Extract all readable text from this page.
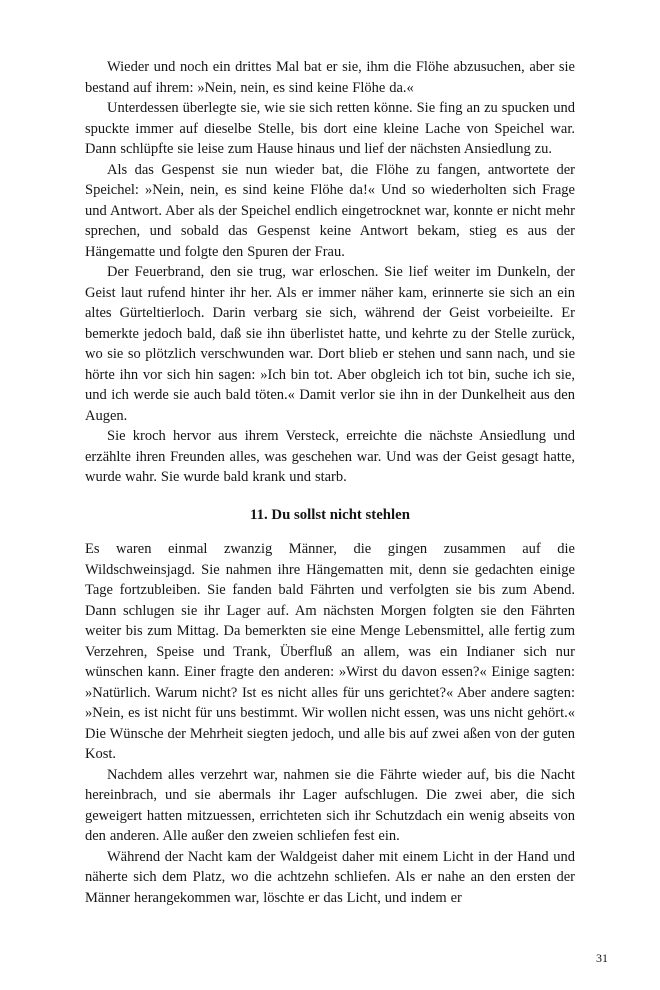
Wieder und noch ein drittes Mal bat er sie, ihm die Flöhe abzusuchen, aber sie bestand auf ihrem: »Nein, nein, es sind keine Flöhe da.«

Unterdessen überlegte sie, wie sie sich retten könne. Sie fing an zu spucken und spuckte immer auf dieselbe Stelle, bis dort eine kleine Lache von Speichel war. Dann schlüpfte sie leise zum Hause hinaus und lief der nächsten Ansiedlung zu.

Als das Gespenst sie nun wieder bat, die Flöhe zu fangen, antwortete der Speichel: »Nein, nein, es sind keine Flöhe da!« Und so wiederholten sich Frage und Antwort. Aber als der Speichel endlich eingetrocknet war, konnte er nicht mehr sprechen, und sobald das Gespenst keine Antwort bekam, stieg es aus der Hängematte und folgte den Spuren der Frau.

Der Feuerbrand, den sie trug, war erloschen. Sie lief weiter im Dunkeln, der Geist laut rufend hinter ihr her. Als er immer näher kam, erinnerte sie sich an ein altes Gürteltierloch. Darin verbarg sie sich, während der Geist vorbeieilte. Er bemerkte jedoch bald, daß sie ihn überlistet hatte, und kehrte zu der Stelle zurück, wo sie so plötzlich verschwunden war. Dort blieb er stehen und sann nach, und sie hörte ihn vor sich hin sagen: »Ich bin tot. Aber obgleich ich tot bin, suche ich sie, und ich werde sie auch bald töten.« Damit verlor sie ihn in der Dunkelheit aus den Augen.

Sie kroch hervor aus ihrem Versteck, erreichte die nächste Ansiedlung und erzählte ihren Freunden alles, was geschehen war. Und was der Geist gesagt hatte, wurde wahr. Sie wurde bald krank und starb.

11. Du sollst nicht stehlen

Es waren einmal zwanzig Männer, die gingen zusammen auf die Wildschweinsjagd. Sie nahmen ihre Hängematten mit, denn sie gedachten einige Tage fortzubleiben. Sie fanden bald Fährten und verfolgten sie bis zum Abend. Dann schlugen sie ihr Lager auf. Am nächsten Morgen folgten sie den Fährten weiter bis zum Mittag. Da bemerkten sie eine Menge Lebensmittel, alle fertig zum Verzehren, Speise und Trank, Überfluß an allem, was ein Indianer sich nur wünschen kann. Einer fragte den anderen: »Wirst du davon essen?« Einige sagten: »Natürlich. Warum nicht? Ist es nicht alles für uns gerichtet?« Aber andere sagten: »Nein, es ist nicht für uns bestimmt. Wir wollen nicht essen, was uns nicht gehört.« Die Wünsche der Mehrheit siegten jedoch, und alle bis auf zwei aßen von der guten Kost.

Nachdem alles verzehrt war, nahmen sie die Fährte wieder auf, bis die Nacht hereinbrach, und sie abermals ihr Lager aufschlugen. Die zwei aber, die sich geweigert hatten mitzuessen, errichteten sich ihr Schutzdach ein wenig abseits von den anderen. Alle außer den zweien schliefen fest ein.

Während der Nacht kam der Waldgeist daher mit einem Licht in der Hand und näherte sich dem Platz, wo die achtzehn schliefen. Als er nahe an den ersten der Männer herangekommen war, löschte er das Licht, und indem er

31
